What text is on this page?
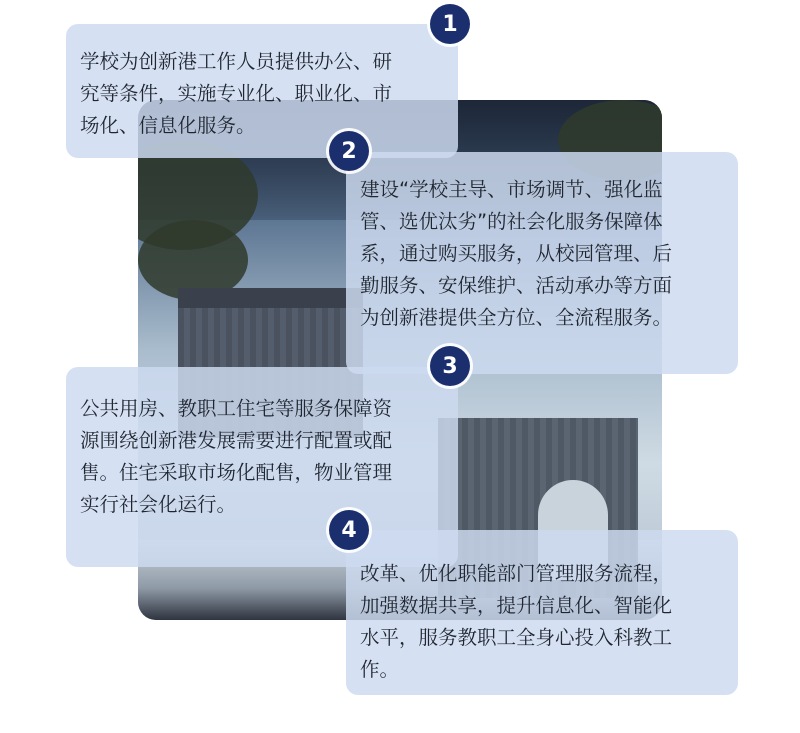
学校为创新港工作人员提供办公、研

究等条件，实施专业化、职业化、市

场化、信息化服务。

建设“学校主导、市场调节、强化监

管、选优汰劣”的社会化服务保障体

系，通过购买服务，从校园管理、后

勤服务、安保维护、活动承办等方面

为创新港提供全方位、全流程服务。

公共用房、教职工住宅等服务保障资

源围绕创新港发展需要进行配置或配

售。住宅采取市场化配售，物业管理

实行社会化运行。

改革、优化职能部门管理服务流程，

加强数据共享，提升信息化、智能化

水平，服务教职工全身心投入科教工

作。

1
2
3
4
